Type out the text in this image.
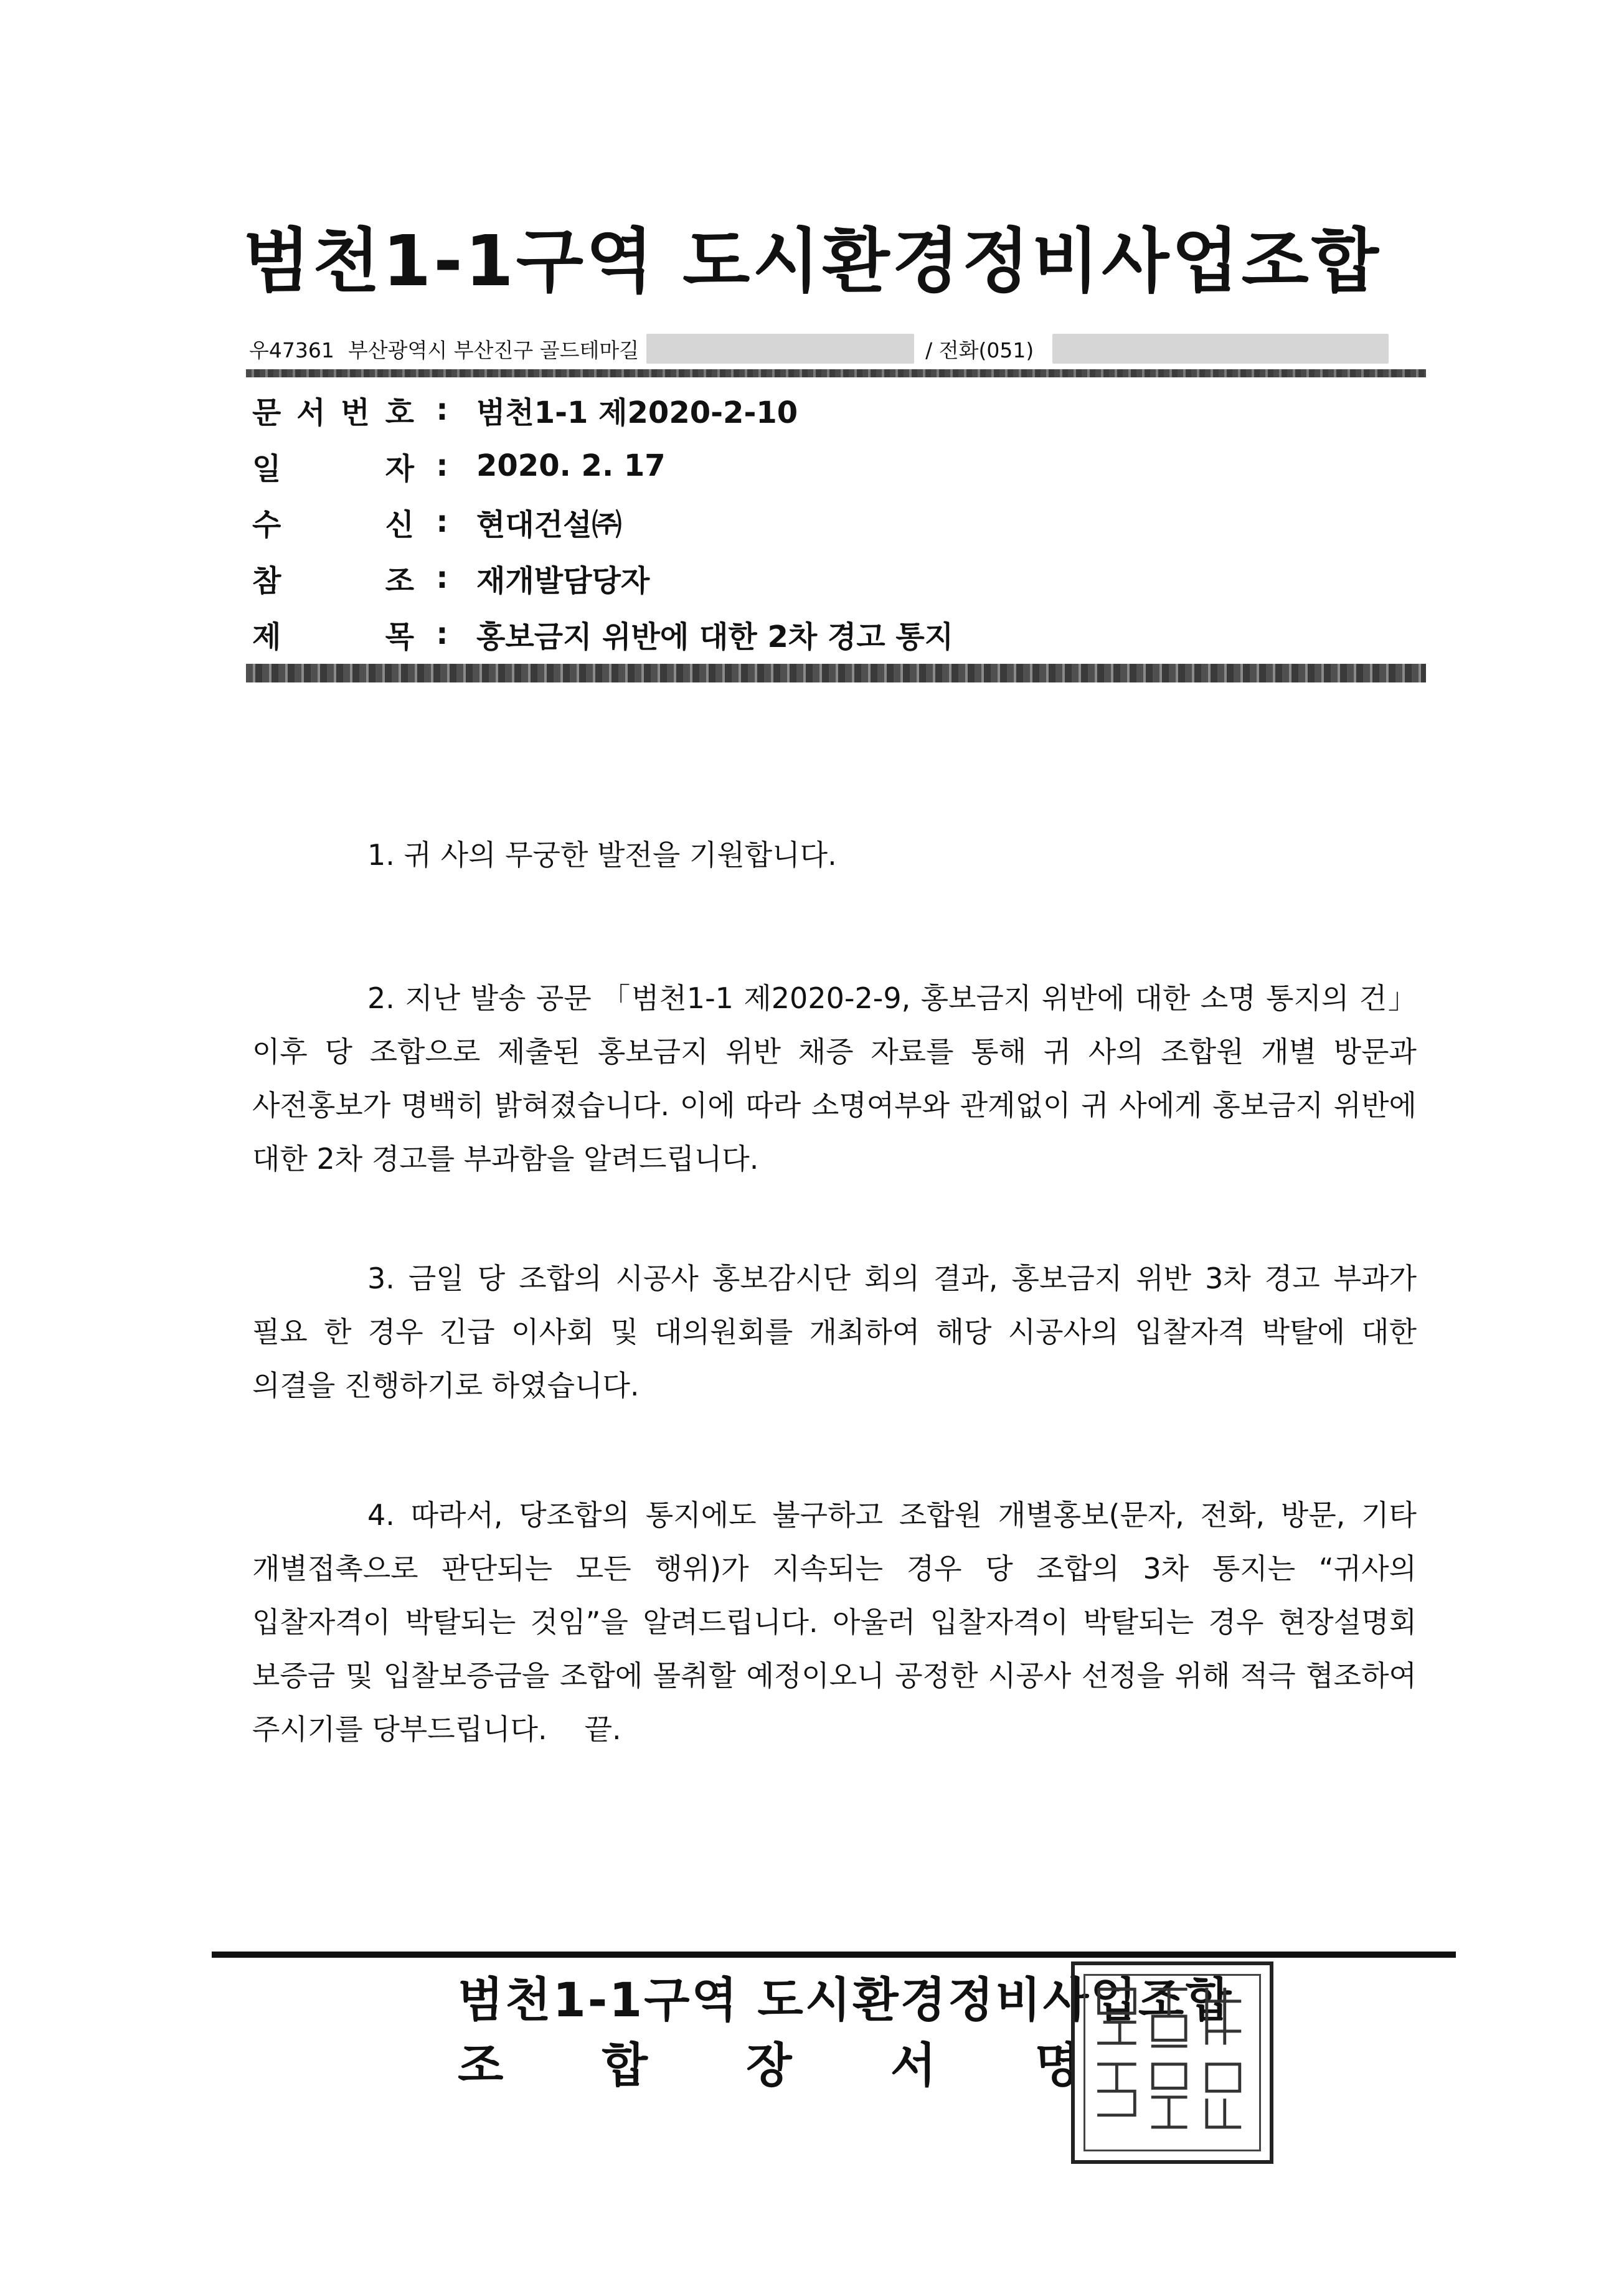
범천1-1구역 도시환경정비사업조합
우47361 부산광역시 부산진구 골드테마길	/ 전화(051)
문 서 번 호 : 범천1-1 제2020-2-10
일	자 : 2020. 2. 17
수	신 : 현대건설㈜
참	조 : 재개발담당자
제	목 : 홍보금지 위반에 대한 2차 경고 통지

1. 귀 사의 무궁한 발전을 기원합니다.

2. 지난 발송 공문 「범천1-1 제2020-2-9, 홍보금지 위반에 대한 소명 통지의 건」이후 당 조합으로 제출된 홍보금지 위반 채증 자료를 통해 귀 사의 조합원 개별 방문과 사전홍보가 명백히 밝혀졌습니다. 이에 따라 소명여부와 관계없이 귀 사에게 홍보금지 위반에 대한 2차 경고를 부과함을 알려드립니다.

3. 금일 당 조합의 시공사 홍보감시단 회의 결과, 홍보금지 위반 3차 경고 부과가 필요 한 경우 긴급 이사회 및 대의원회를 개최하여 해당 시공사의 입찰자격 박탈에 대한 의결을 진행하기로 하였습니다.

4. 따라서, 당조합의 통지에도 불구하고 조합원 개별홍보(문자, 전화, 방문, 기타 개별접촉으로 판단되는 모든 행위)가 지속되는 경우 당 조합의 3차 통지는 “귀사의 입찰자격이 박탈되는 것임”을 알려드립니다. 아울러 입찰자격이 박탈되는 경우 현장설명회 보증금 및 입찰보증금을 조합에 몰취할 예정이오니 공정한 시공사 선정을 위해 적극 협조하여 주시기를 당부드립니다. 끝.

범천1-1구역 도시환경정비사업조합
조 합 장 서 명
